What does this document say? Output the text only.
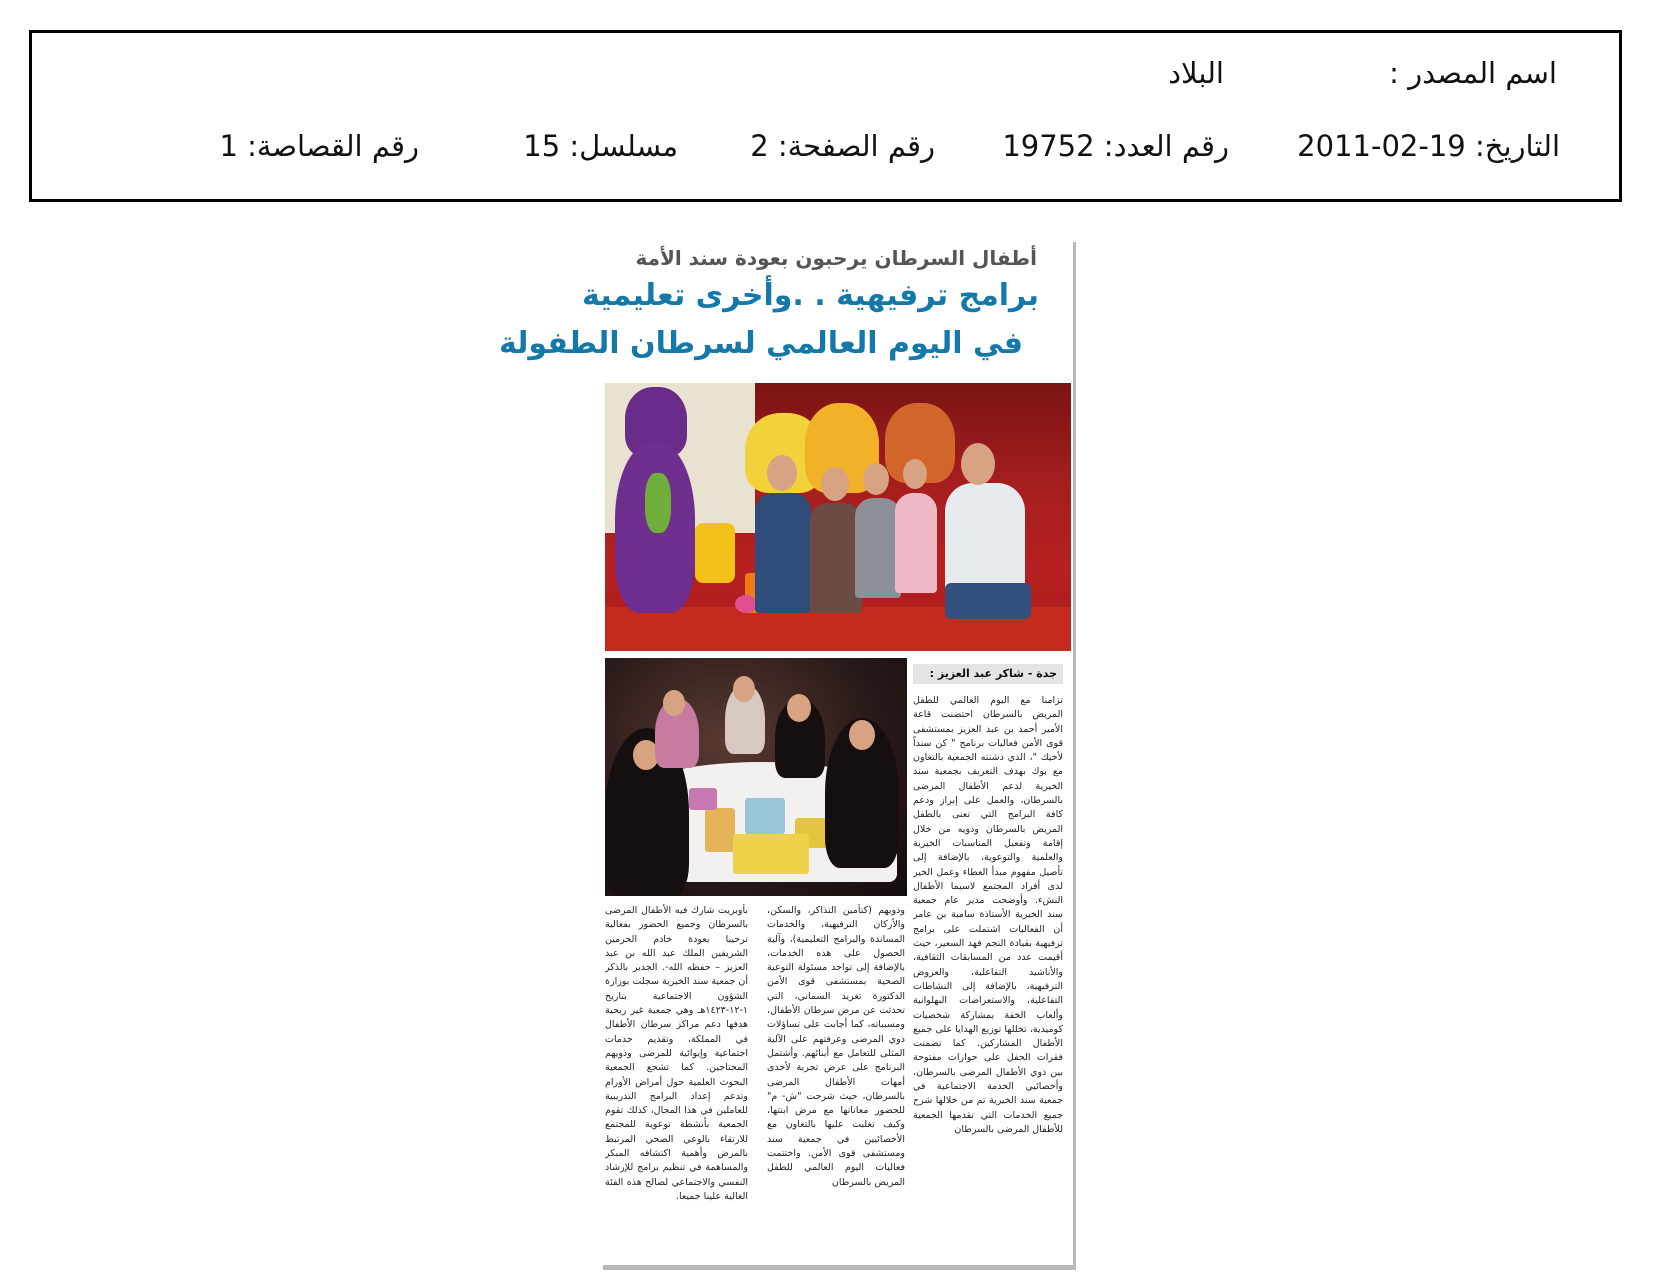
اسم المصدر :
البلاد
التاريخ: 19-02-2011
رقم العدد: 19752
رقم الصفحة: 2
مسلسل: 15
رقم القصاصة: 1
أطفال السرطان يرحبون بعودة سند الأمة
برامج ترفيهية . .وأخرى تعليمية
في اليوم العالمي لسرطان الطفولة
جدة - شاكر عبد العزيز :
تزامنا مع اليوم العالمي للطفل المريض بالسرطان احتضنت قاعة الأمير أحمد بن عبد العزيز بمستشفى قوى الأمن فعاليات برنامج " كن سنداً لأخيك "، الذي دشنته الجمعية بالتعاون مع بوك بهدف التعريف بجمعية سند الخيرية لدعم الأطفال المرضى بالسرطان، والعمل على إبراز ودعم كافة البرامج التي تعنى بالطفل المريض بالسرطان وذويه من خلال إقامة وتفعيل المناسبات الخيرية والعلمية والتوعوية، بالإضافة إلى تأصيل مفهوم مبدأ العطاء وعمل الخير لدى أفراد المجتمع لاسيما الأطفال النشء. وأوضحت مدير عام جمعية سند الخيرية الأستاذة سامية بن عامر أن الفعاليات اشتملت على برامج ترفيهية بقيادة النجم فهد السعير، حيث أقيمت عدد من المسابقات الثقافية، والأناشيد التفاعلية، والعروض الترفيهية، بالإضافة إلى النشاطات التفاعلية، والاستعراضات البهلوانية وألعاب الخفة بمشاركة شخصيات كوميدية، تخللها توزيع الهدايا على جميع الأطفال المشاركين. كما تضمنت فقرات الحفل على حوارات مفتوحة بين ذوي الأطفال المرضى بالسرطان، وأخصائيي الخدمة الاجتماعية في جمعية سند الخيرية تم من خلالها شرح جميع الخدمات التي تقدمها الجمعية للأطفال المرضى بالسرطان
وذويهم (كتأمين التذاكر، والسكن، والأركان الترفيهية، والخدمات المساندة والبرامج التعليمية)، وآلية الحصول على هذه الخدمات، بالإضافة إلى تواجد مسئولة التوعية الصحية بمستشفى قوى الأمن الدكتورة تغريد السماني، التي تحدثت عن مرض سرطان الأطفال، ومسبباته، كما أجابت على تساؤلات ذوي المرضى وعرفتهم على الآلية المثلى للتعامل مع أبنائهم. وأشتمل البرنامج على عرض تجربة لأحدى أمهات الأطفال المرضى بالسرطان، حيث شرحت "ش- م" للحضور معاناتها مع مرض ابنتها، وكيف تغلبت عليها بالتعاون مع الأخصائيين في جمعية سند ومستشفى قوى الأمن. واختتمت فعاليات اليوم العالمي للطفل المريض بالسرطان
بأوبريت شارك فيه الأطفال المرضى بالسرطان وجميع الحضور بفعالية ترحيبا بعودة خادم الحرمين الشريفين الملك عبد الله بن عبد العزيز – حفظه الله-. الجدير بالذكر أن جمعية سند الخيرية سجلت بوزارة الشؤون الاجتماعية بتاريخ ١-١٢-١٤٢٣هـ وهي جمعية غير ربحية هدفها دعم مراكز سرطان الأطفال في المملكة، وتقديم خدمات اجتماعية وإيوائية للمرضى وذويهم المحتاجين. كما تشجع الجمعية البحوث العلمية حول أمراض الأورام وتدعم إعداد البرامج التدريبية للعاملين في هذا المجال، كذلك تقوم الجمعية بأنشطة توعوية للمجتمع للارتقاء بالوعي الصحي المرتبط بالمرض وأهمية اكتشافه المبكر والمساهمة في تنظيم برامج للإرشاد النفسي والاجتماعي لصالح هذه الفئة الغالية علينا جميعا.
